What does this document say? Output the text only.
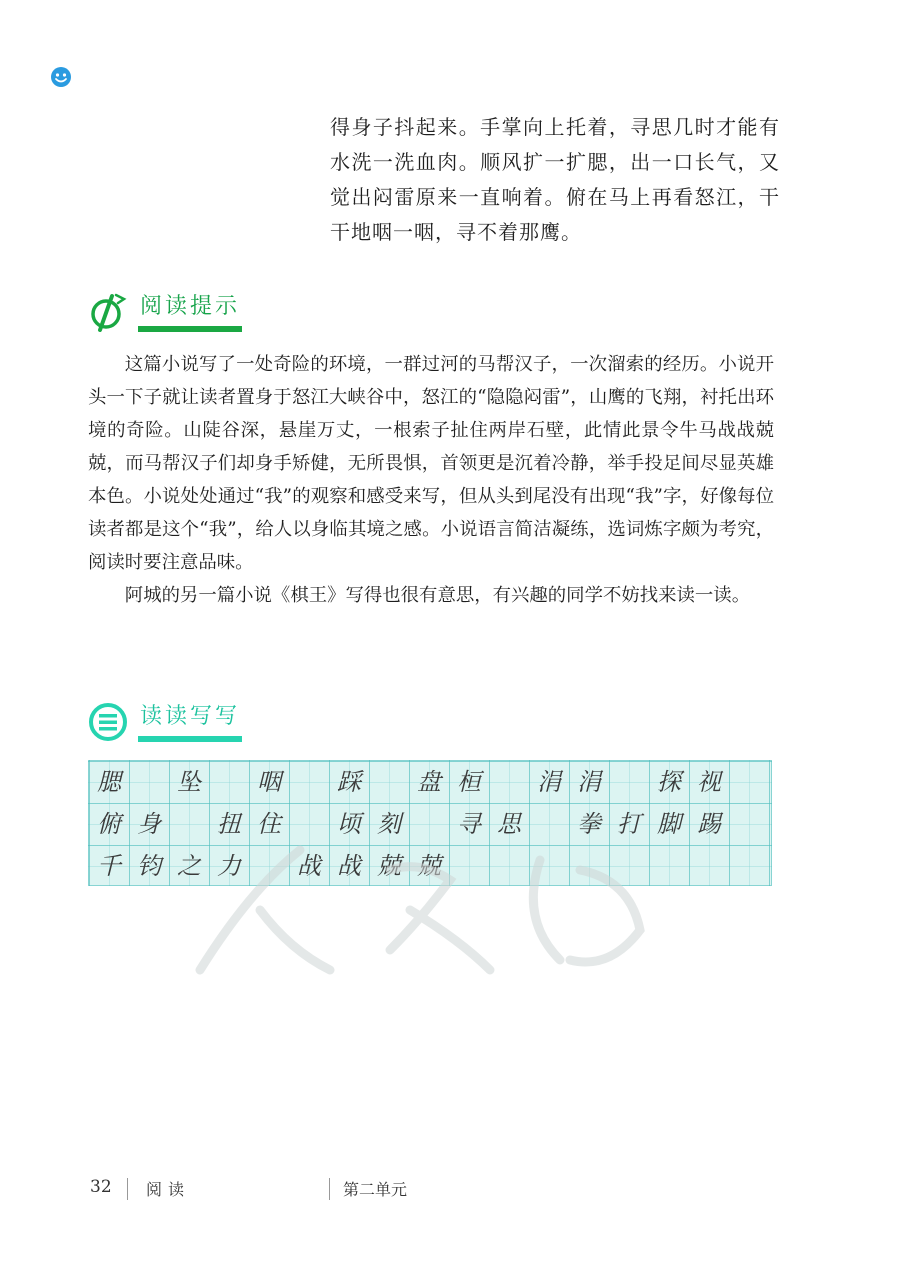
得身子抖起来。手掌向上托着，寻思几时才能有水洗一洗血肉。顺风扩一扩腮，出一口长气，又觉出闷雷原来一直响着。俯在马上再看怒江，干干地咽一咽，寻不着那鹰。

阅读提示

这篇小说写了一处奇险的环境，一群过河的马帮汉子，一次溜索的经历。小说开头一下子就让读者置身于怒江大峡谷中，怒江的“隐隐闷雷”，山鹰的飞翔，衬托出环境的奇险。山陡谷深，悬崖万丈，一根索子扯住两岸石壁，此情此景令牛马战战兢兢，而马帮汉子们却身手矫健，无所畏惧，首领更是沉着冷静，举手投足间尽显英雄本色。小说处处通过“我”的观察和感受来写，但从头到尾没有出现“我”字，好像每位读者都是这个“我”，给人以身临其境之感。小说语言简洁凝练，选词炼字颇为考究，阅读时要注意品味。

阿城的另一篇小说《棋王》写得也很有意思，有兴趣的同学不妨找来读一读。

读读写写
腮	坠	咽	踩	盘 桓	涓 涓	探 视
俯 身	扭 住	顷 刻	寻 思	拳 打 脚 踢
千 钧 之 力	战 战 兢 兢
32 阅读	第二单元
